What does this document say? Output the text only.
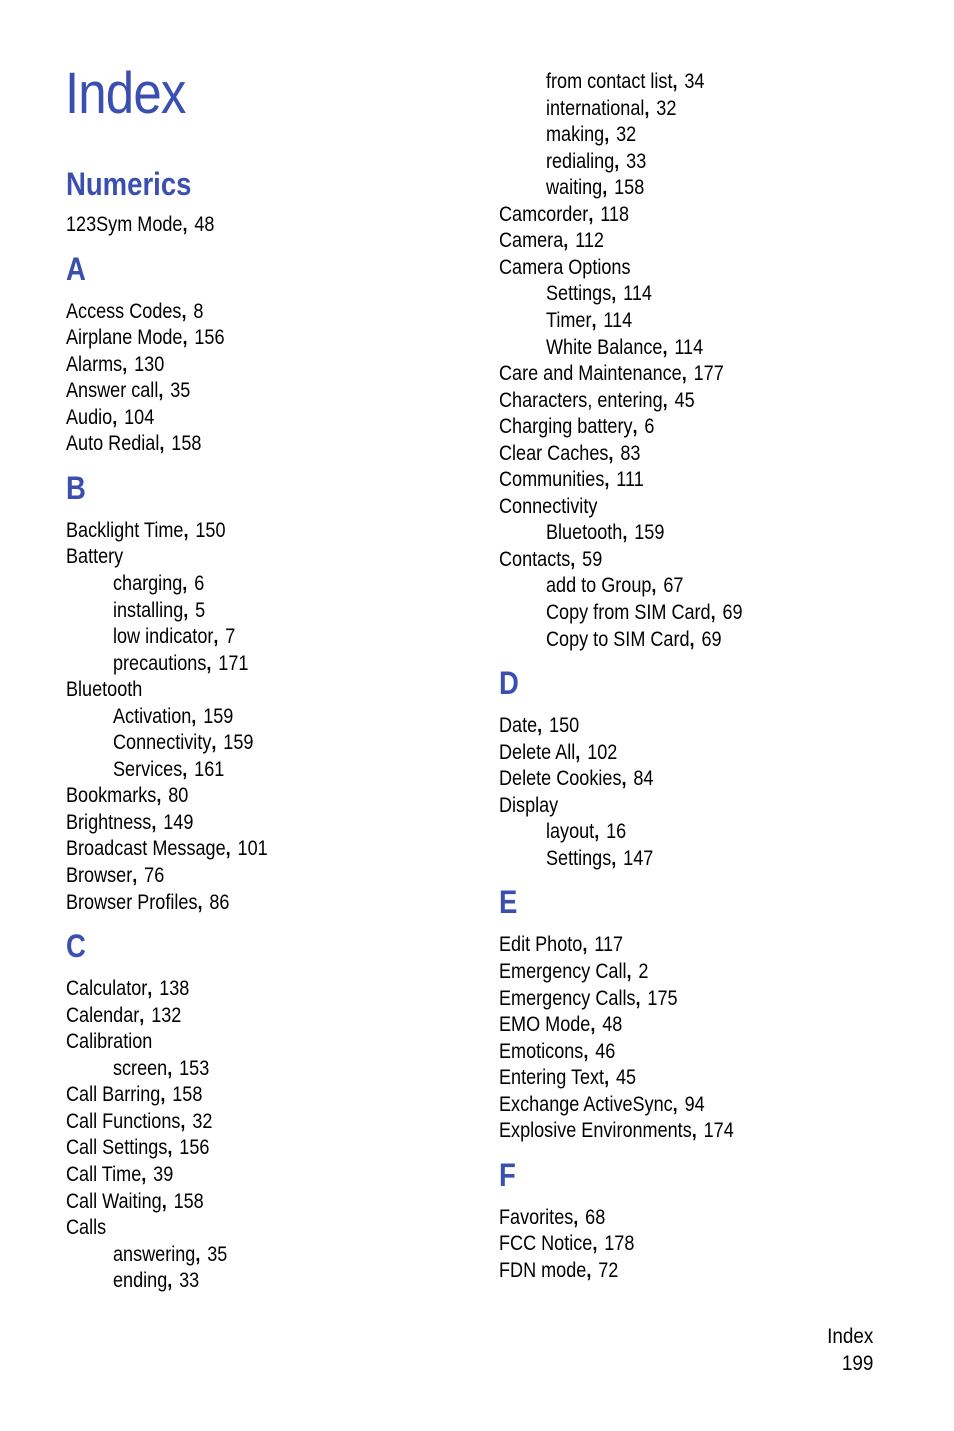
Index
Numerics
123Sym Mode, 48
A
Access Codes, 8
Airplane Mode, 156
Alarms, 130
Answer call, 35
Audio, 104
Auto Redial, 158
B
Backlight Time, 150
Battery
charging, 6
installing, 5
low indicator, 7
precautions, 171
Bluetooth
Activation, 159
Connectivity, 159
Services, 161
Bookmarks, 80
Brightness, 149
Broadcast Message, 101
Browser, 76
Browser Profiles, 86
C
Calculator, 138
Calendar, 132
Calibration
screen, 153
Call Barring, 158
Call Functions, 32
Call Settings, 156
Call Time, 39
Call Waiting, 158
Calls
answering, 35
ending, 33
from contact list, 34
international, 32
making, 32
redialing, 33
waiting, 158
Camcorder, 118
Camera, 112
Camera Options
Settings, 114
Timer, 114
White Balance, 114
Care and Maintenance, 177
Characters, entering, 45
Charging battery, 6
Clear Caches, 83
Communities, 111
Connectivity
Bluetooth, 159
Contacts, 59
add to Group, 67
Copy from SIM Card, 69
Copy to SIM Card, 69
D
Date, 150
Delete All, 102
Delete Cookies, 84
Display
layout, 16
Settings, 147
E
Edit Photo, 117
Emergency Call, 2
Emergency Calls, 175
EMO Mode, 48
Emoticons, 46
Entering Text, 45
Exchange ActiveSync, 94
Explosive Environments, 174
F
Favorites, 68
FCC Notice, 178
FDN mode, 72
Index
199
